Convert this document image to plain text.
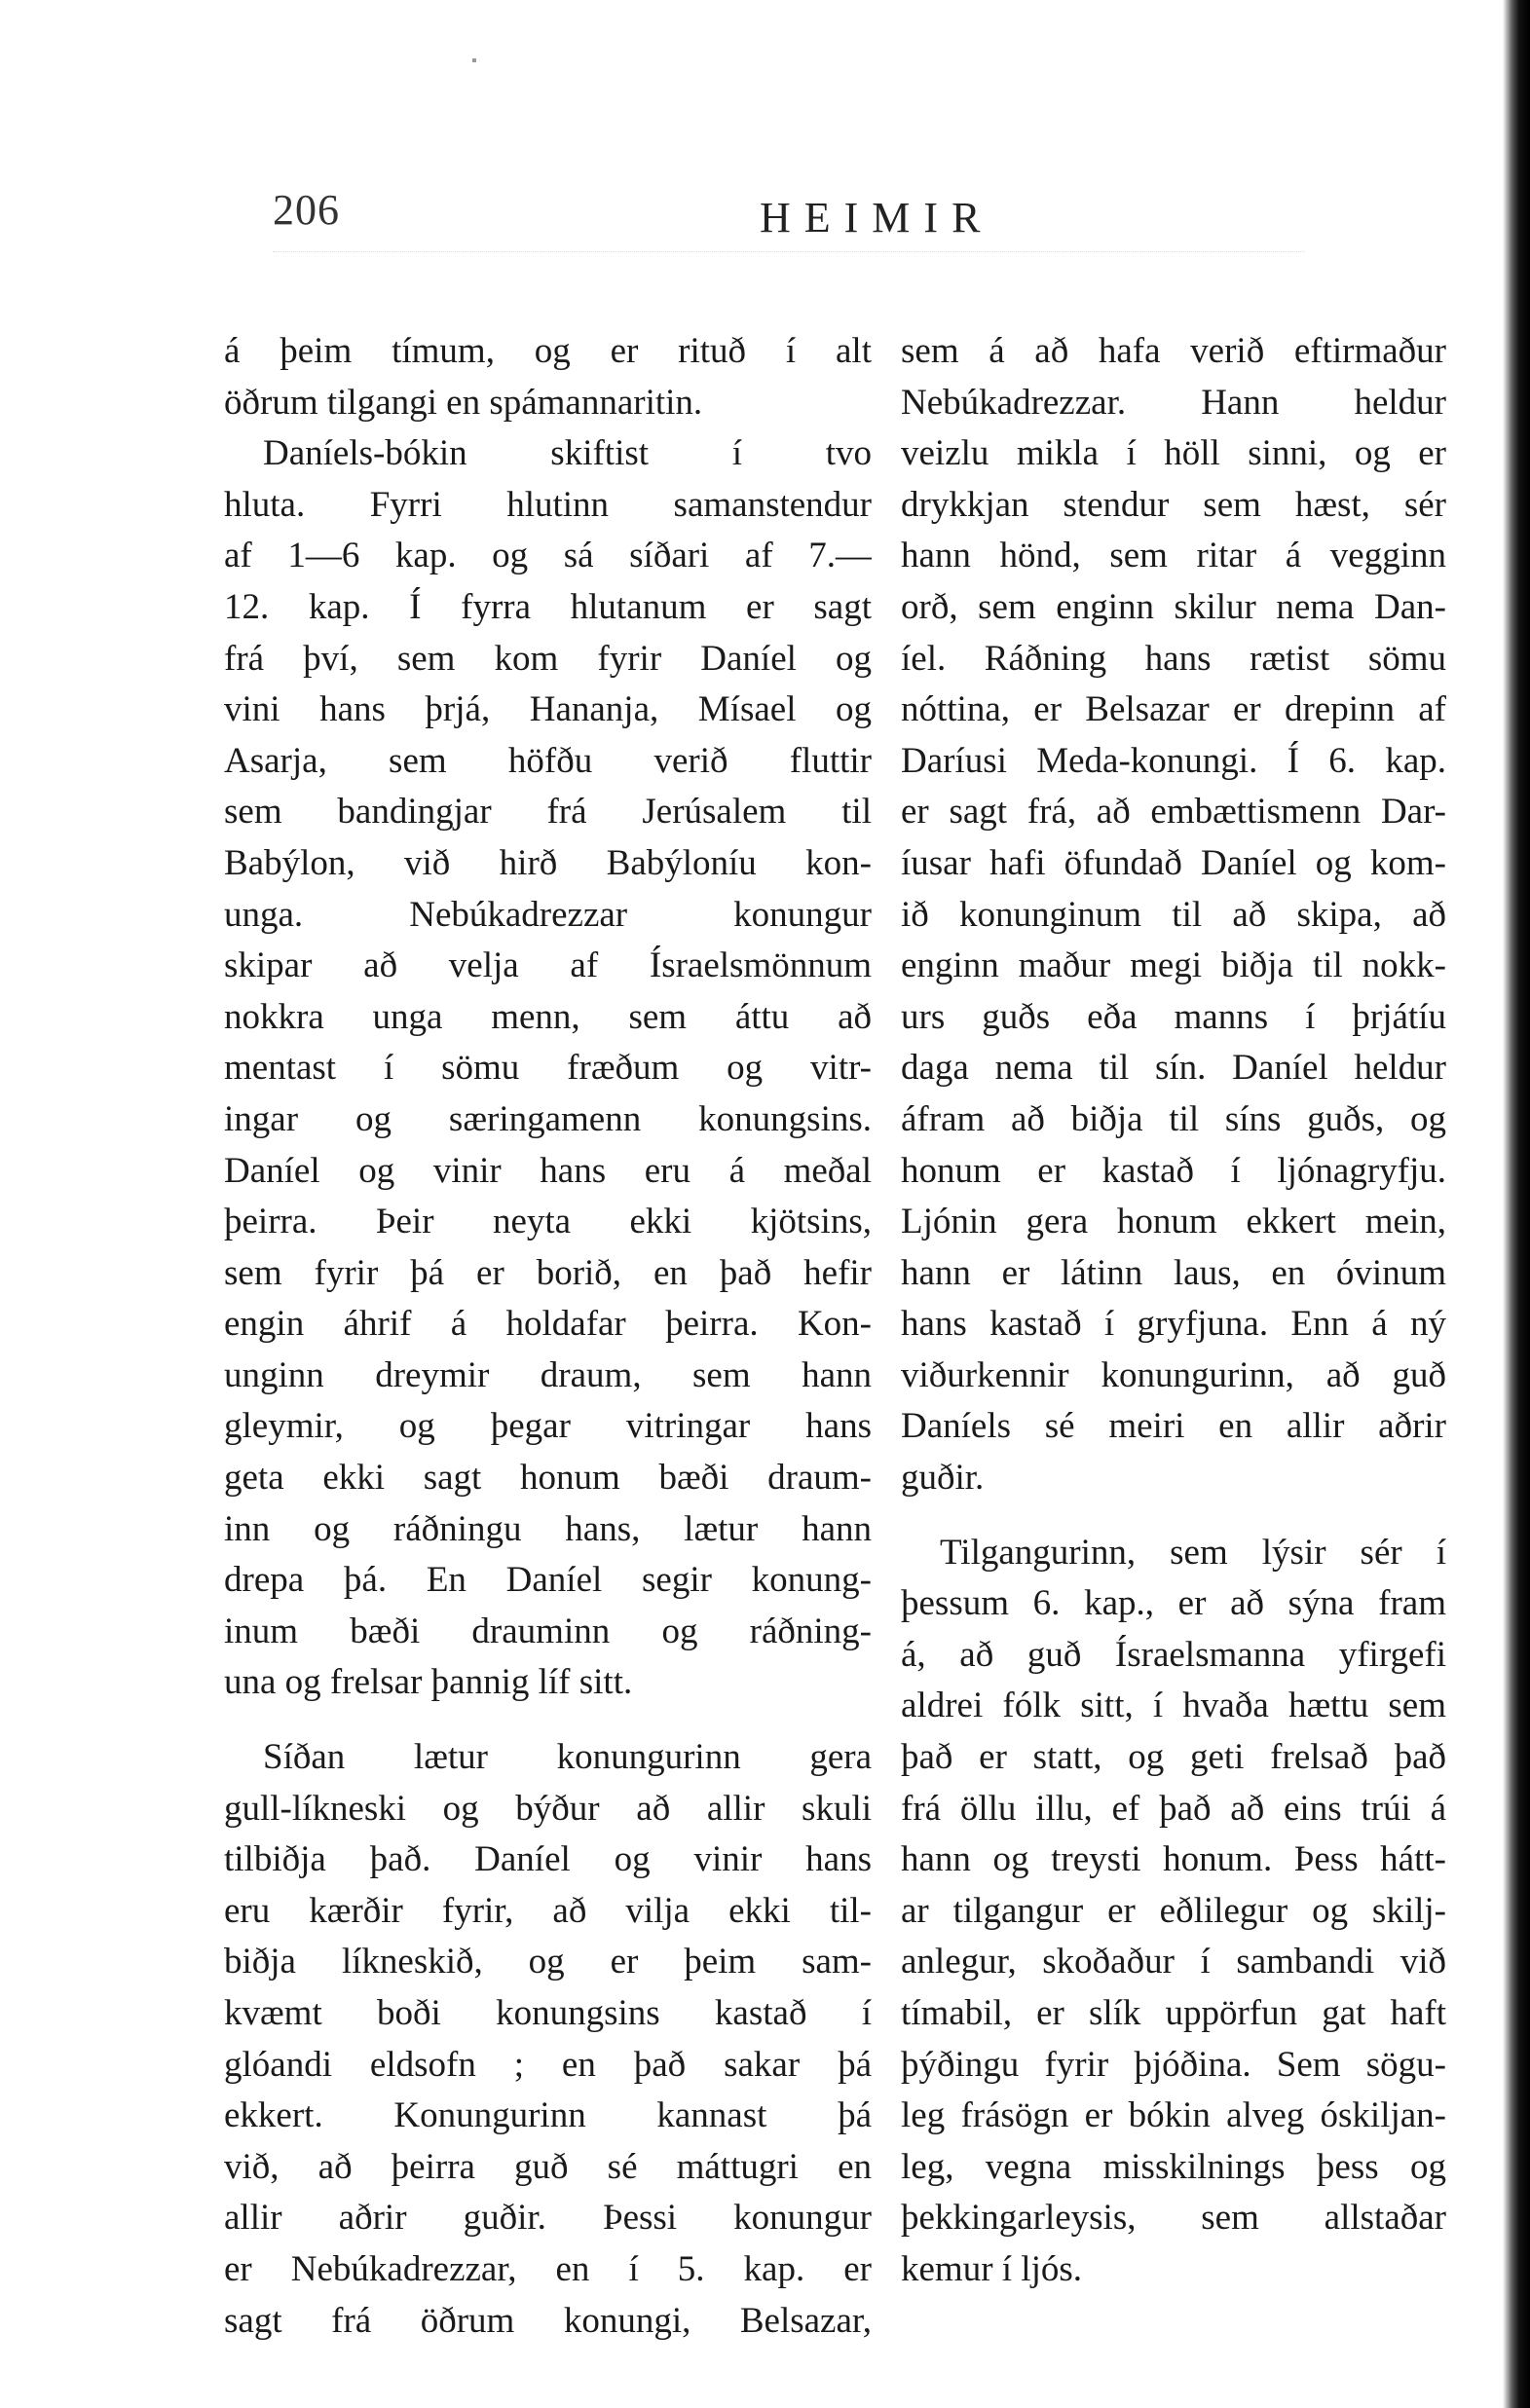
206	HEIMIR
á þeim tímum, og er rituð í alt
öðrum tilgangi en spámannaritin.
Daníels-bókin skiftist í tvo
hluta. Fyrri hlutinn samanstendur
af 1—6 kap. og sá síðari af 7.—
12. kap. Í fyrra hlutanum er sagt
frá því, sem kom fyrir Daníel og
vini hans þrjá, Hananja, Mísael og
Asarja, sem höfðu verið fluttir
sem bandingjar frá Jerúsalem til
Babýlon, við hirð Babýloníu kon-
unga. Nebúkadrezzar konungur
skipar að velja af Ísraelsmönnum
nokkra unga menn, sem áttu að
mentast í sömu fræðum og vitr-
ingar og særingamenn konungsins.
Daníel og vinir hans eru á meðal
þeirra. Þeir neyta ekki kjötsins,
sem fyrir þá er borið, en það hefir
engin áhrif á holdafar þeirra. Kon-
unginn dreymir draum, sem hann
gleymir, og þegar vitringar hans
geta ekki sagt honum bæði draum-
inn og ráðningu hans, lætur hann
drepa þá. En Daníel segir konung-
inum bæði drauminn og ráðning-
una og frelsar þannig líf sitt.
Síðan lætur konungurinn gera
gull-líkneski og býður að allir skuli
tilbiðja það. Daníel og vinir hans
eru kærðir fyrir, að vilja ekki til-
biðja líkneskið, og er þeim sam-
kvæmt boði konungsins kastað í
glóandi eldsofn ; en það sakar þá
ekkert. Konungurinn kannast þá
við, að þeirra guð sé máttugri en
allir aðrir guðir. Þessi konungur
er Nebúkadrezzar, en í 5. kap. er
sagt frá öðrum konungi, Belsazar,
sem á að hafa verið eftirmaður
Nebúkadrezzar. Hann heldur
veizlu mikla í höll sinni, og er
drykkjan stendur sem hæst, sér
hann hönd, sem ritar á vegginn
orð, sem enginn skilur nema Dan-
íel. Ráðning hans rætist sömu
nóttina, er Belsazar er drepinn af
Daríusi Meda-konungi. Í 6. kap.
er sagt frá, að embættismenn Dar-
íusar hafi öfundað Daníel og kom-
ið konunginum til að skipa, að
enginn maður megi biðja til nokk-
urs guðs eða manns í þrjátíu
daga nema til sín. Daníel heldur
áfram að biðja til síns guðs, og
honum er kastað í ljónagryfju.
Ljónin gera honum ekkert mein,
hann er látinn laus, en óvinum
hans kastað í gryfjuna. Enn á ný
viðurkennir konungurinn, að guð
Daníels sé meiri en allir aðrir
guðir.
Tilgangurinn, sem lýsir sér í
þessum 6. kap., er að sýna fram
á, að guð Ísraelsmanna yfirgefi
aldrei fólk sitt, í hvaða hættu sem
það er statt, og geti frelsað það
frá öllu illu, ef það að eins trúi á
hann og treysti honum. Þess hátt-
ar tilgangur er eðlilegur og skilj-
anlegur, skoðaður í sambandi við
tímabil, er slík uppörfun gat haft
þýðingu fyrir þjóðina. Sem sögu-
leg frásögn er bókin alveg óskiljan-
leg, vegna misskilnings þess og
þekkingarleysis, sem allstaðar
kemur í ljós.
